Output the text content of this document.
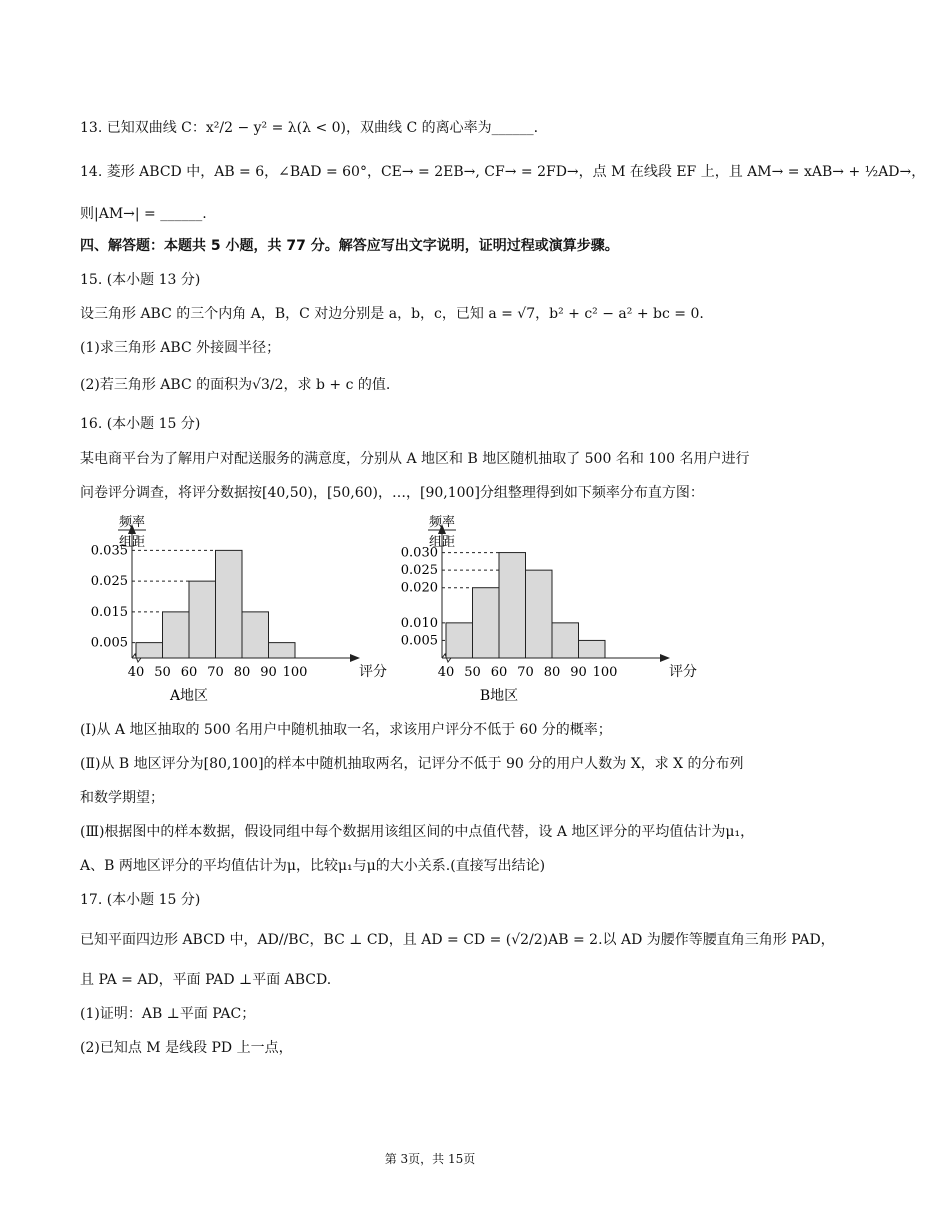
13. 已知双曲线 C：x²/2 − y² = λ(λ < 0)，双曲线 C 的离心率为______.
14. 菱形 ABCD 中，AB = 6，∠BAD = 60°，CE→ = 2EB→, CF→ = 2FD→，点 M 在线段 EF 上，且 AM→ = xAB→ + ½AD→，
则|AM→| = ______.
四、解答题：本题共 5 小题，共 77 分。解答应写出文字说明，证明过程或演算步骤。
15. (本小题 13 分)
设三角形 ABC 的三个内角 A，B，C 对边分别是 a，b，c，已知 a = √7，b² + c² − a² + bc = 0.
(1)求三角形 ABC 外接圆半径；
(2)若三角形 ABC 的面积为√3/2，求 b + c 的值.
16. (本小题 15 分)
某电商平台为了解用户对配送服务的满意度，分别从 A 地区和 B 地区随机抽取了 500 名和 100 名用户进行
问卷评分调查，将评分数据按[40,50)，[50,60)，…，[90,100]分组整理得到如下频率分布直方图：
频率
组距
0.005
0.015
0.025
0.035
40 50 60 70 80 90 100	评分
A地区
频率
组距
0.005
0.010
0.020
0.025
0.030
40 50 60 70 80 90 100	评分
B地区
(Ⅰ)从 A 地区抽取的 500 名用户中随机抽取一名，求该用户评分不低于 60 分的概率；
(Ⅱ)从 B 地区评分为[80,100]的样本中随机抽取两名，记评分不低于 90 分的用户人数为 X，求 X 的分布列
和数学期望；
(Ⅲ)根据图中的样本数据，假设同组中每个数据用该组区间的中点值代替，设 A 地区评分的平均值估计为μ₁，
A、B 两地区评分的平均值估计为μ，比较μ₁与μ的大小关系.(直接写出结论)
17. (本小题 15 分)
已知平面四边形 ABCD 中，AD//BC，BC ⊥ CD，且 AD = CD = (√2/2)AB = 2.以 AD 为腰作等腰直角三角形 PAD，
且 PA = AD，平面 PAD ⊥平面 ABCD.
(1)证明：AB ⊥平面 PAC；
(2)已知点 M 是线段 PD 上一点，
第 3页，共 15页
